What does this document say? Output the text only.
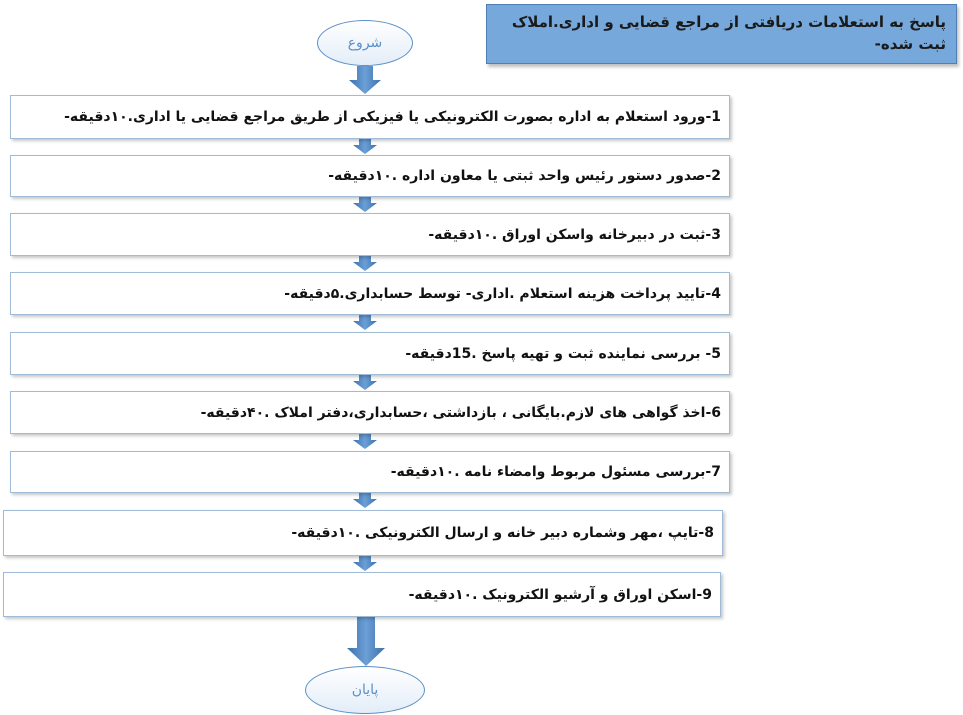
پاسخ به استعلامات دریافتی از مراجع قضایی و اداری.املاک ثبت شده-
شروع
1-ورود استعلام به اداره بصورت الکترونیکی یا فیزیکی از طریق مراجع قضایی یا اداری.۱۰دقیقه-
2-صدور دستور رئیس واحد ثبتی یا معاون اداره .۱۰دقیقه-
3-ثبت در دبیرخانه واسکن اوراق .۱۰دقیقه-
4-تایید پرداخت هزینه استعلام .اداری- توسط حسابداری.۵دقیقه-
5- بررسی نماینده ثبت و تهیه پاسخ .15دقیقه-
6-اخذ گواهی های لازم.بایگانی ، بازداشتی ،حسابداری،دفتر املاک .۴۰دقیقه-
7-بررسی مسئول مربوط وامضاء نامه .۱۰دقیقه-
8-تایپ ،مهر وشماره دبیر خانه و ارسال الکترونیکی .۱۰دقیقه-
9-اسکن اوراق و آرشیو الکترونیک .۱۰دقیقه-
پایان
